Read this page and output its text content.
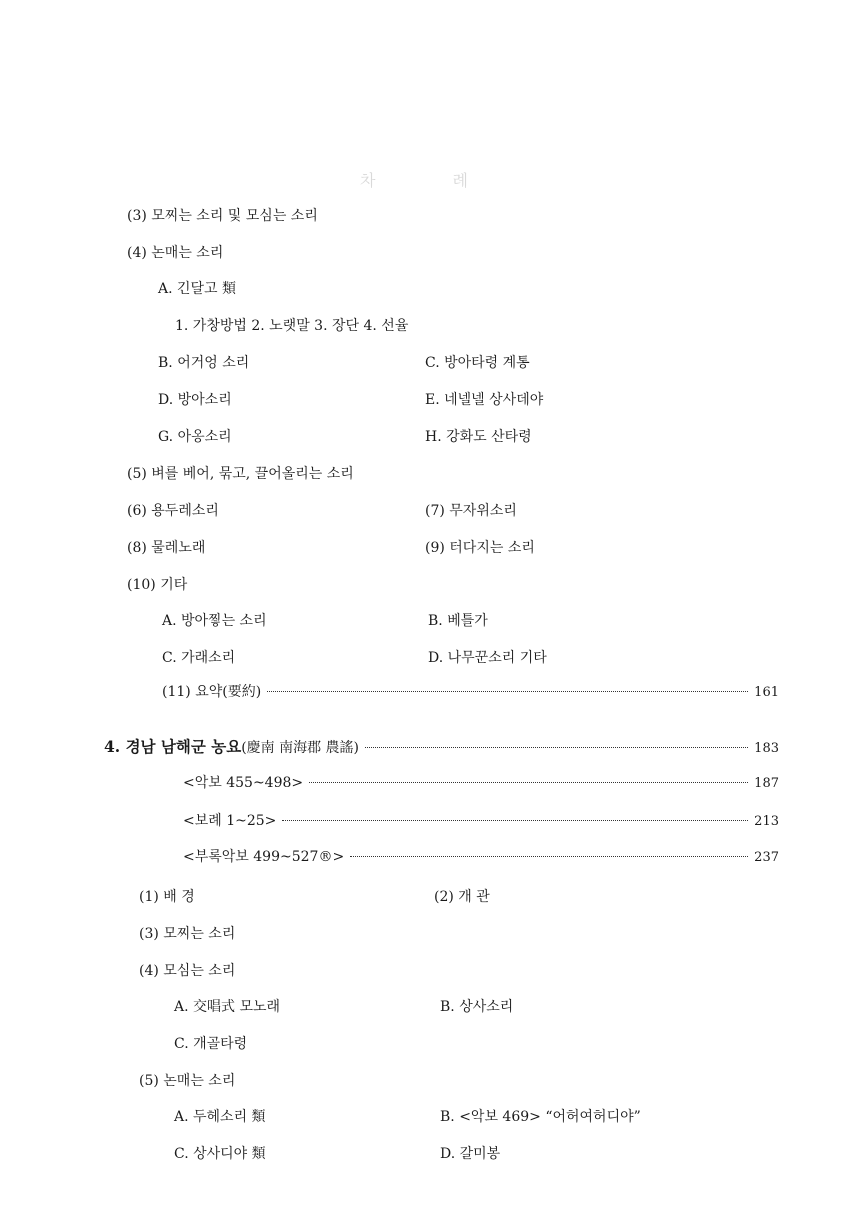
차 례
(3) 모찌는 소리 및 모심는 소리
(4) 논매는 소리
A. 긴달고 類
1. 가창방법 2. 노랫말 3. 장단 4. 선율
B. 어거엉 소리	C. 방아타령 계통
D. 방아소리	E. 네넬넬 상사데야
G. 아옹소리	H. 강화도 산타령
(5) 벼를 베어, 묶고, 끌어올리는 소리
(6) 용두레소리	(7) 무자위소리
(8) 물레노래	(9) 터다지는 소리
(10) 기타
A. 방아찧는 소리	B. 베틀가
C. 가래소리	D. 나무꾼소리 기타
(11) 요약(要約)	161
4. 경남 남해군 농요(慶南 南海郡 農謠)	183
<악보 455~498>	187
<보례 1~25>	213
<부록악보 499~527®>	237
(1) 배 경	(2) 개 관
(3) 모찌는 소리
(4) 모심는 소리
A. 交唱式 모노래	B. 상사소리
C. 개골타령
(5) 논매는 소리
A. 두헤소리 類	B. <악보 469> “어허여허디야”
C. 상사디야 類	D. 갈미봉
